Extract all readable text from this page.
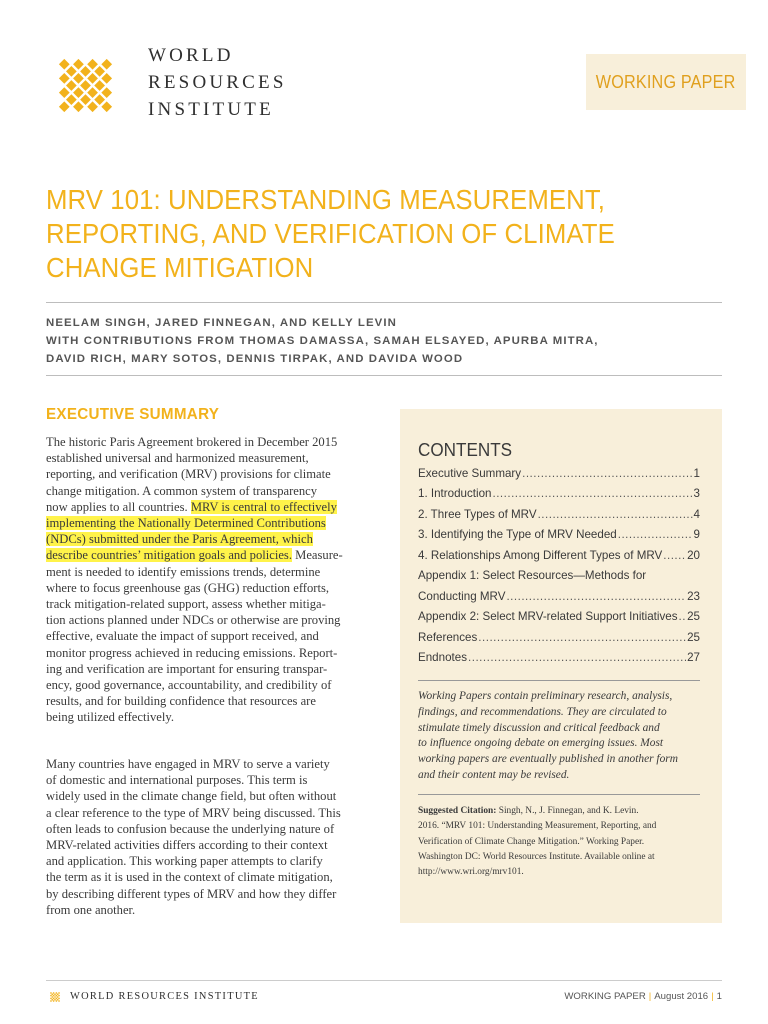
WORLD
RESOURCES
INSTITUTE
WORKING PAPER
MRV 101: UNDERSTANDING MEASUREMENT,
REPORTING, AND VERIFICATION OF CLIMATE
CHANGE MITIGATION
NEELAM SINGH, JARED FINNEGAN, AND KELLY LEVIN
WITH CONTRIBUTIONS FROM THOMAS DAMASSA, SAMAH ELSAYED, APURBA MITRA,
DAVID RICH, MARY SOTOS, DENNIS TIRPAK, AND DAVIDA WOOD
EXECUTIVE SUMMARY
The historic Paris Agreement brokered in December 2015
established universal and harmonized measurement,
reporting, and verification (MRV) provisions for climate
change mitigation. A common system of transparency
now applies to all countries. MRV is central to effectively
implementing the Nationally Determined Contributions
(NDCs) submitted under the Paris Agreement, which
describe countries’ mitigation goals and policies. Measure-
ment is needed to identify emissions trends, determine
where to focus greenhouse gas (GHG) reduction efforts,
track mitigation-related support, assess whether mitiga-
tion actions planned under NDCs or otherwise are proving
effective, evaluate the impact of support received, and
monitor progress achieved in reducing emissions. Report-
ing and verification are important for ensuring transpar-
ency, good governance, accountability, and credibility of
results, and for building confidence that resources are
being utilized effectively.
Many countries have engaged in MRV to serve a variety
of domestic and international purposes. This term is
widely used in the climate change field, but often without
a clear reference to the type of MRV being discussed. This
often leads to confusion because the underlying nature of
MRV-related activities differs according to their context
and application. This working paper attempts to clarify
the term as it is used in the context of climate mitigation,
by describing different types of MRV and how they differ
from one another.
CONTENTS
Executive Summary .....	1
1. Introduction .....	3
2. Three Types of MRV .....	4
3. Identifying the Type of MRV Needed .....	9
4. Relationships Among Different Types of MRV ..... 20
Appendix 1: Select Resources—Methods for
Conducting MRV .....	23
Appendix 2: Select MRV-related Support Initiatives ..... 25
References .....	25
Endnotes .....	27
Working Papers contain preliminary research, analysis,
findings, and recommendations. They are circulated to
stimulate timely discussion and critical feedback and
to influence ongoing debate on emerging issues. Most
working papers are eventually published in another form
and their content may be revised.
Suggested Citation: Singh, N., J. Finnegan, and K. Levin.
2016. “MRV 101: Understanding Measurement, Reporting, and
Verification of Climate Change Mitigation.” Working Paper.
Washington DC: World Resources Institute. Available online at
http://www.wri.org/mrv101.
WORLD RESOURCES INSTITUTE	WORKING PAPER | August 2016 | 1
